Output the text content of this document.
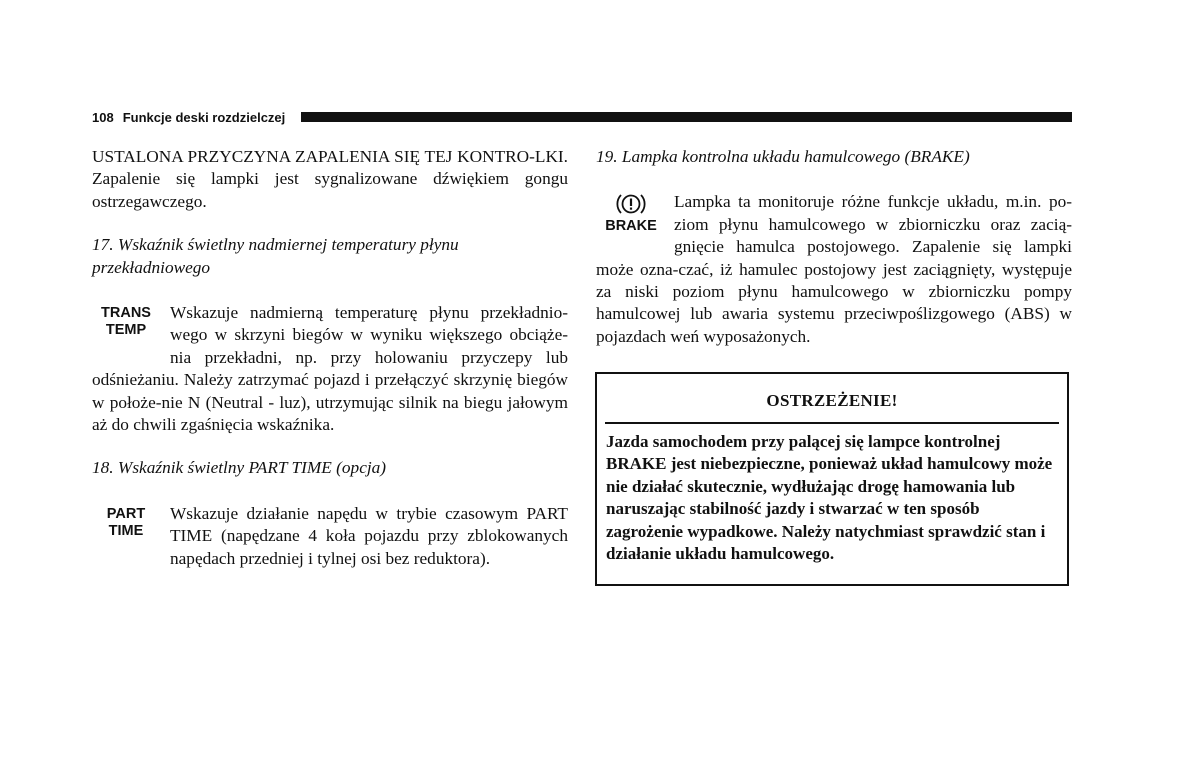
108 Funkcje deski rozdzielczej

USTALONA PRZYCZYNA ZAPALENIA SIĘ TEJ KONTRO-LKI. Zapalenie się lampki jest sygnalizowane dźwiękiem gongu ostrzegawczego.

17. Wskaźnik świetlny nadmiernej temperatury płynu przekładniowego

TRANS
TEMP

Wskazuje nadmierną temperaturę płynu przekładnio-wego w skrzyni biegów w wyniku większego obciąże-nia przekładni, np. przy holowaniu przyczepy lub odśnieżaniu. Należy zatrzymać pojazd i przełączyć skrzynię biegów w położe-nie N (Neutral - luz), utrzymując silnik na biegu jałowym aż do chwili zgaśnięcia wskaźnika.

18. Wskaźnik świetlny PART TIME (opcja)

PART
TIME

Wskazuje działanie napędu w trybie czasowym PART TIME (napędzane 4 koła pojazdu przy zblokowanych napędach przedniej i tylnej osi bez reduktora).

19. Lampka kontrolna układu hamulcowego (BRAKE)

BRAKE

Lampka ta monitoruje różne funkcje układu, m.in. po-ziom płynu hamulcowego w zbiorniczku oraz zacią-gnięcie hamulca postojowego. Zapalenie się lampki może ozna-czać, iż hamulec postojowy jest zaciągnięty, występuje za niski poziom płynu hamulcowego w zbiorniczku pompy hamulcowej lub awaria systemu przeciwpoślizgowego (ABS) w pojazdach weń wyposażonych.

OSTRZEŻENIE!
Jazda samochodem przy palącej się lampce kontrolnej BRAKE jest niebezpieczne, ponieważ układ hamulcowy może nie działać skutecznie, wydłużając drogę hamowania lub naruszając stabilność jazdy i stwarzać w ten sposób zagrożenie wypadkowe. Należy natychmiast sprawdzić stan i działanie układu hamulcowego.
